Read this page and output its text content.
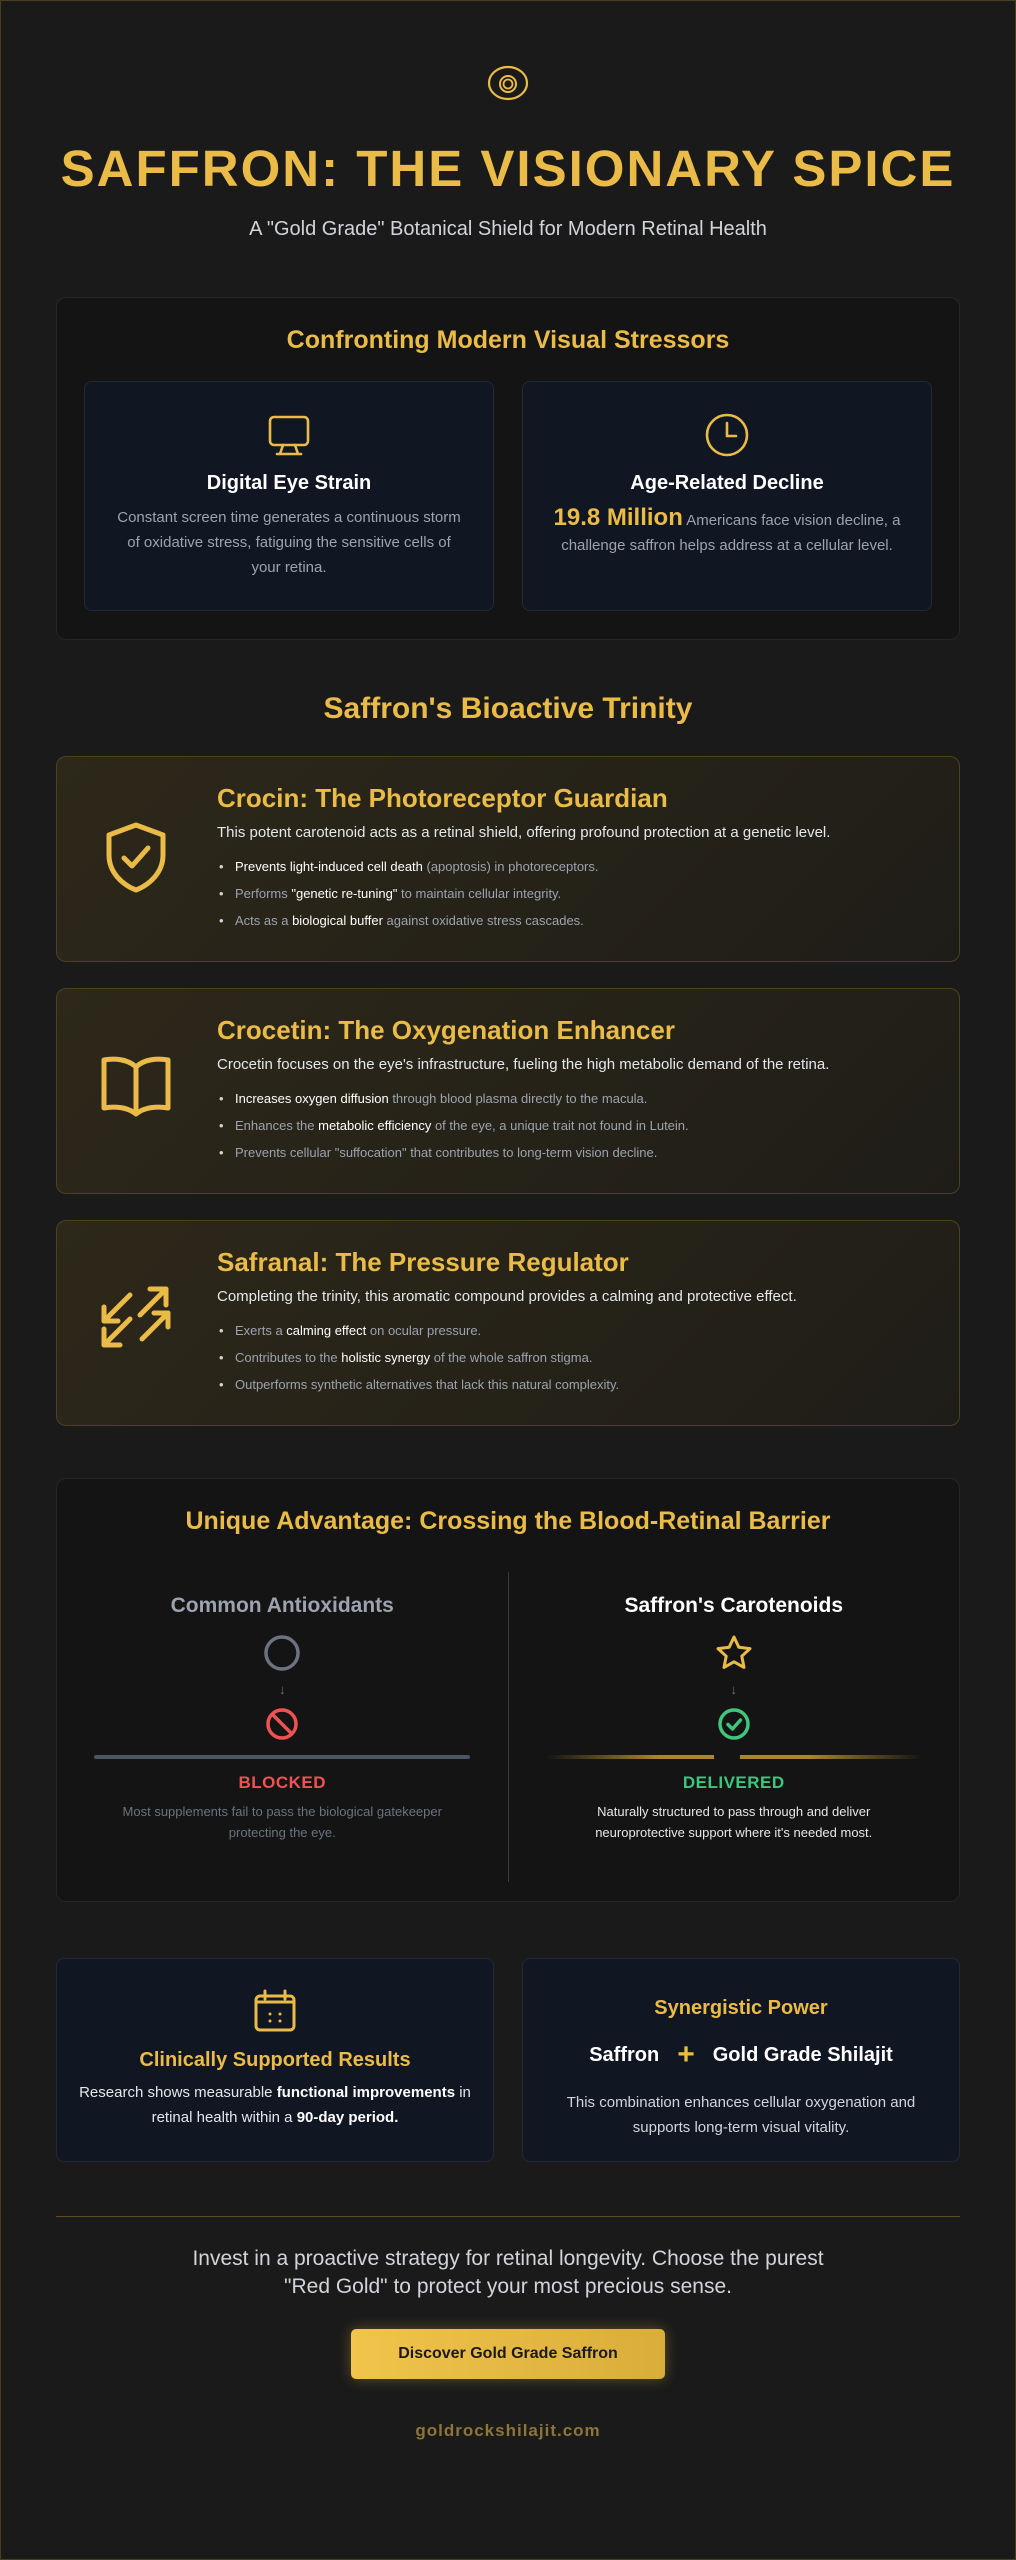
SAFFRON: THE VISIONARY SPICE

A "Gold Grade" Botanical Shield for Modern Retinal Health

Confronting Modern Visual Stressors
Digital Eye Strain

Constant screen time generates a continuous storm of oxidative stress, fatiguing the sensitive cells of your retina.

Age-Related Decline

19.8 Million Americans face vision decline, a challenge saffron helps address at a cellular level.

Saffron's Bioactive Trinity
Crocin: The Photoreceptor Guardian

This potent carotenoid acts as a retinal shield, offering profound protection at a genetic level.

• Prevents light-induced cell death (apoptosis) in photoreceptors.
• Performs "genetic re-tuning" to maintain cellular integrity.
• Acts as a biological buffer against oxidative stress cascades.
Crocetin: The Oxygenation Enhancer

Crocetin focuses on the eye's infrastructure, fueling the high metabolic demand of the retina.

• Increases oxygen diffusion through blood plasma directly to the macula.
• Enhances the metabolic efficiency of the eye, a unique trait not found in Lutein.
• Prevents cellular "suffocation" that contributes to long-term vision decline.
Safranal: The Pressure Regulator

Completing the trinity, this aromatic compound provides a calming and protective effect.

• Exerts a calming effect on ocular pressure.
• Contributes to the holistic synergy of the whole saffron stigma.
• Outperforms synthetic alternatives that lack this natural complexity.
Unique Advantage: Crossing the Blood-Retinal Barrier
Common Antioxidants
↓
BLOCKED

Most supplements fail to pass the biological gatekeeper protecting the eye.

Saffron's Carotenoids
↓
DELIVERED

Naturally structured to pass through and deliver neuroprotective support where it's needed most.

Clinically Supported Results

Research shows measurable functional improvements in retinal health within a 90-day period.

Synergistic Power
Saffron + Gold Grade Shilajit

This combination enhances cellular oxygenation and supports long-term visual vitality.

Invest in a proactive strategy for retinal longevity. Choose the purest "Red Gold" to protect your most precious sense.

Discover Gold Grade Saffron
goldrockshilajit.com
